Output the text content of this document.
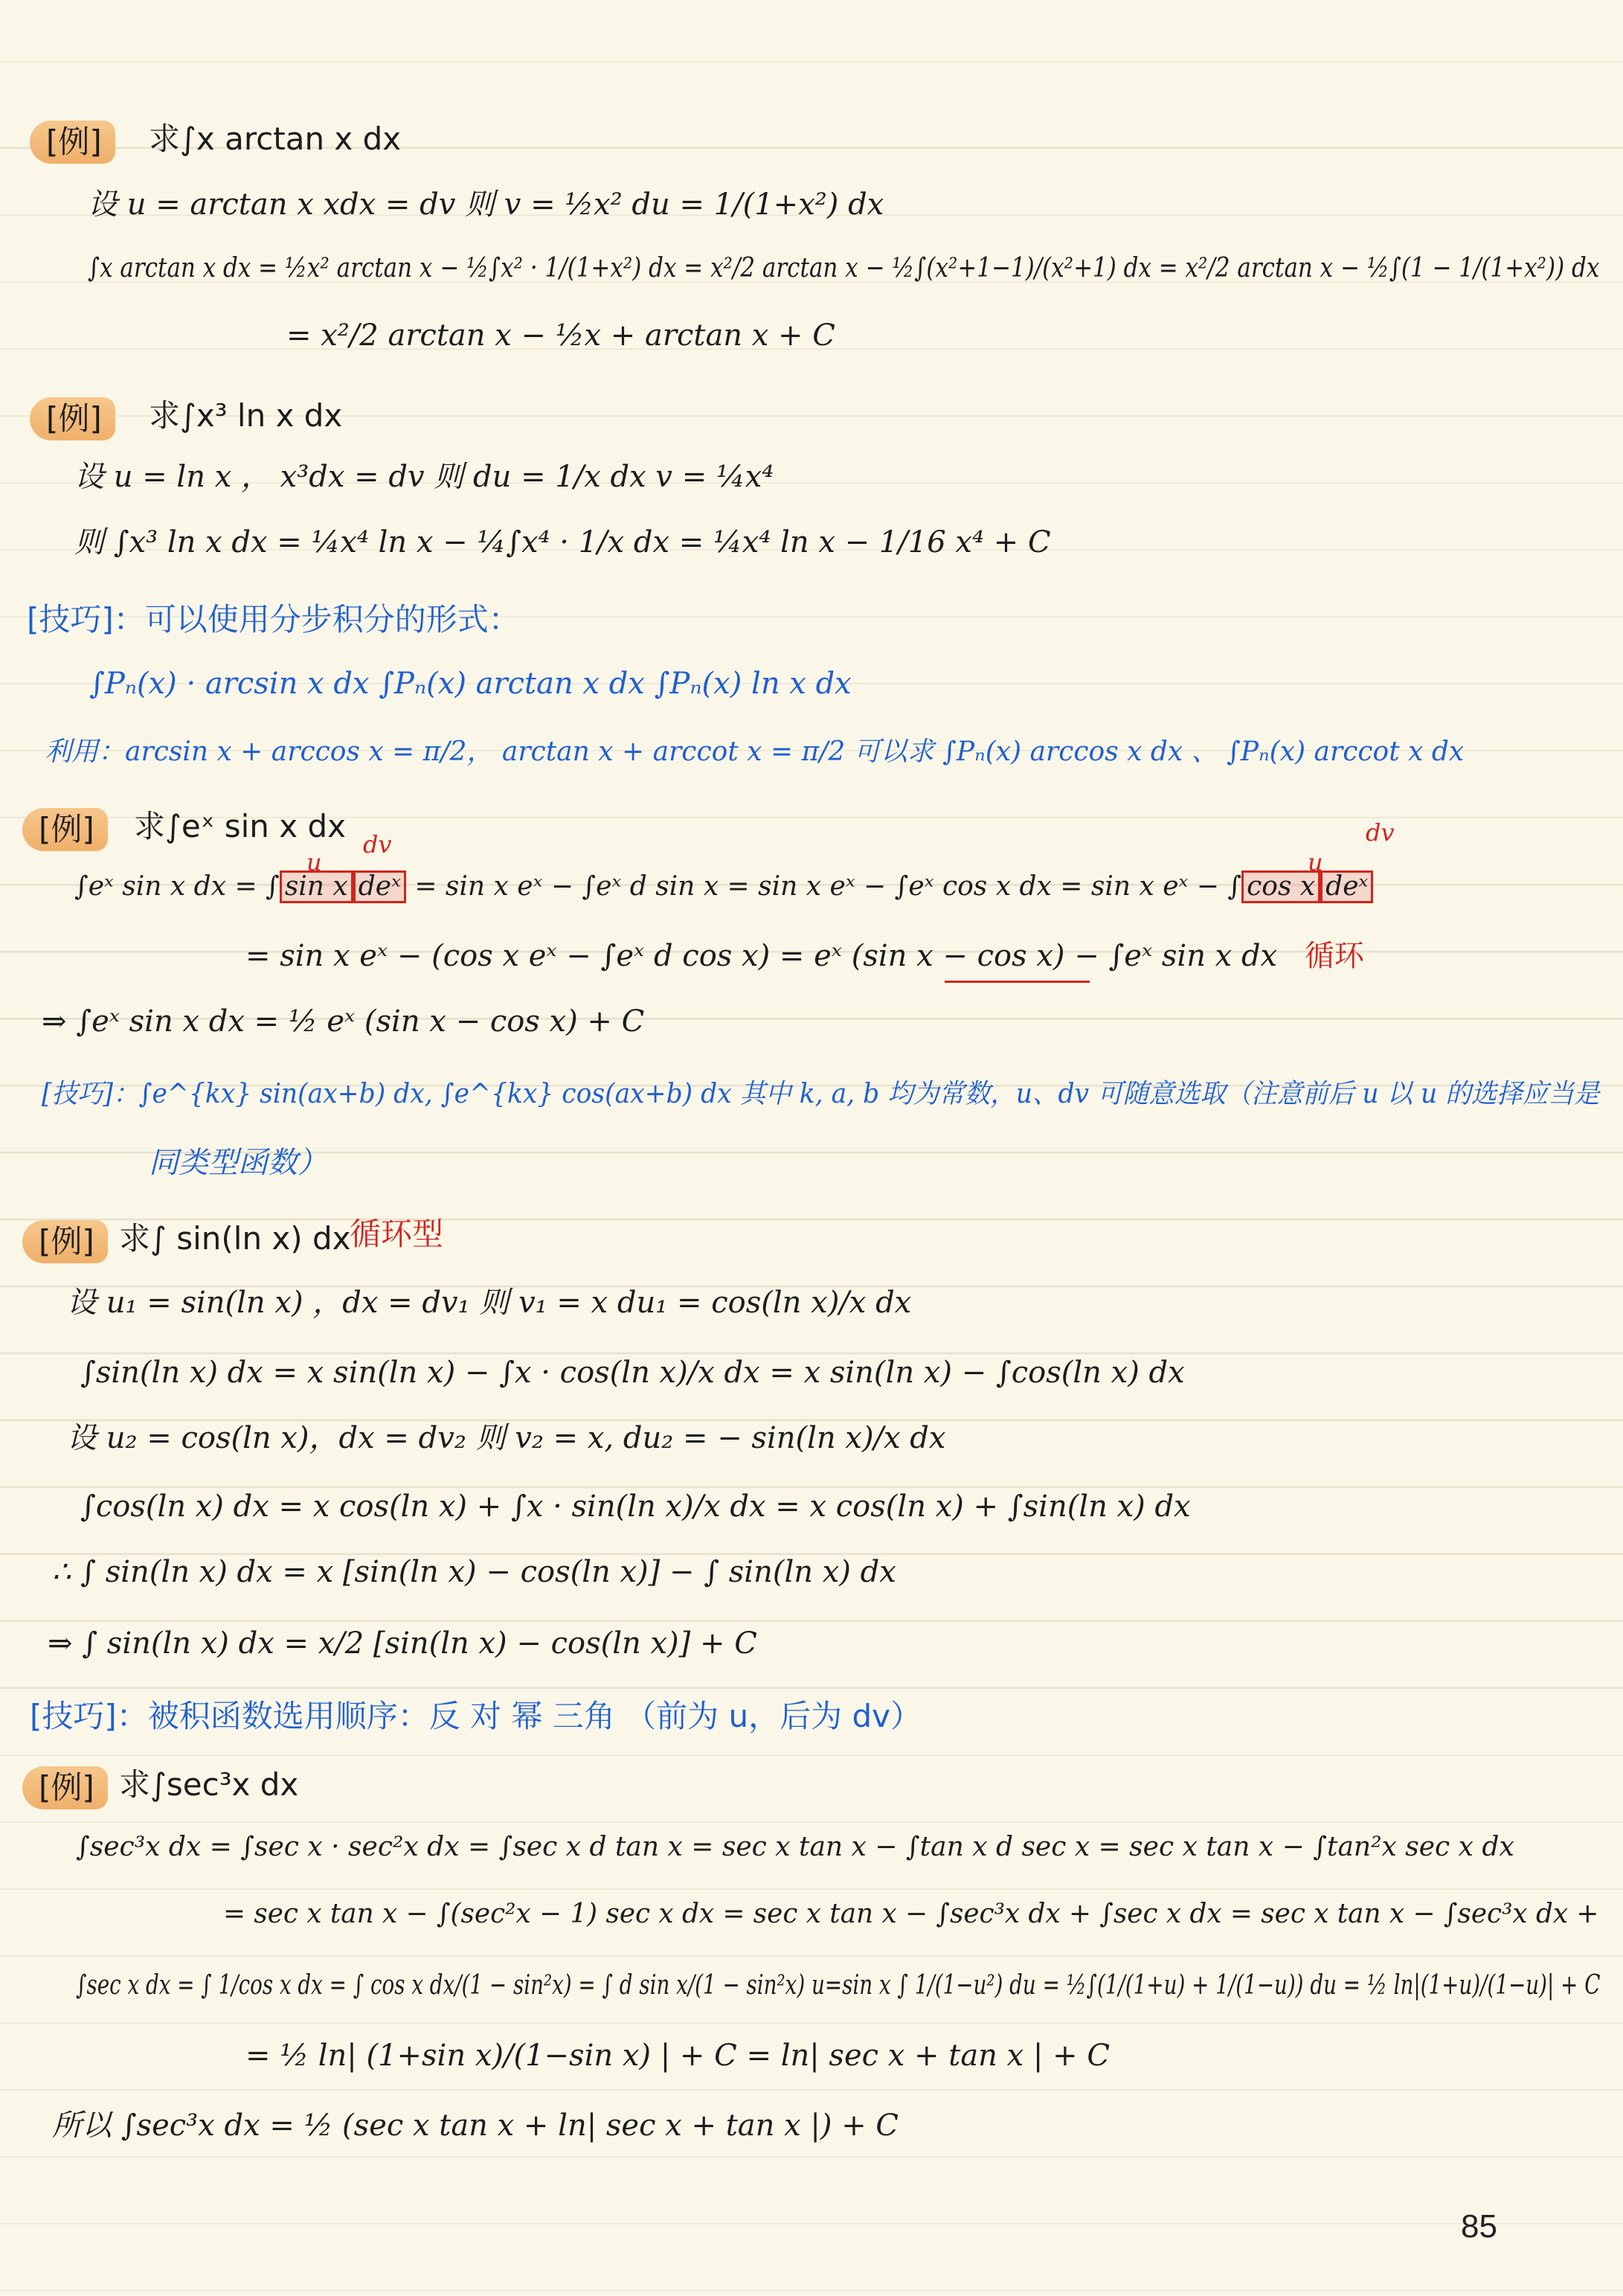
[例]	求∫x arctan x dx
设 u = arctan x xdx = dv 则 v = ½x² du = 1/(1+x²) dx
∫x arctan x dx = ½x² arctan x − ½∫x² · 1/(1+x²) dx = x²/2 arctan x − ½∫(x²+1−1)/(x²+1) dx = x²/2 arctan x − ½∫(1 − 1/(1+x²)) dx
= x²/2 arctan x − ½x + arctan x + C
[例]	求∫x³ ln x dx
设 u = ln x ， x³dx = dv 则 du = 1/x dx v = ¼x⁴
则 ∫x³ ln x dx = ¼x⁴ ln x − ¼∫x⁴ · 1/x dx = ¼x⁴ ln x − 1/16 x⁴ + C
[技巧]：可以使用分步积分的形式：
∫Pₙ(x) · arcsin x dx ∫Pₙ(x) arctan x dx ∫Pₙ(x) ln x dx
利用：arcsin x + arccos x = π/2， arctan x + arccot x = π/2 可以求 ∫Pₙ(x) arccos x dx 、 ∫Pₙ(x) arccot x dx
[例]	求∫eˣ sin x dx
u
dv
u
dv
∫eˣ sin x dx = ∫ sin x deˣ = sin x eˣ − ∫eˣ d sin x = sin x eˣ − ∫eˣ cos x dx = sin x eˣ − ∫ cos x deˣ
= sin x eˣ − (cos x eˣ − ∫eˣ d cos x) = eˣ (sin x − cos x) − ∫eˣ sin x dx 循环
⇒ ∫eˣ sin x dx = ½ eˣ (sin x − cos x) + C
[技巧]：∫e^{kx} sin(ax+b) dx, ∫e^{kx} cos(ax+b) dx 其中 k, a, b 均为常数，u、dv 可随意选取（注意前后 u 以 u 的选择应当是
同类型函数）
[例] 求∫ sin(ln x) dx
循环型
设 u₁ = sin(ln x) ，dx = dv₁ 则 v₁ = x du₁ = cos(ln x)/x dx
∫sin(ln x) dx = x sin(ln x) − ∫x · cos(ln x)/x dx = x sin(ln x) − ∫cos(ln x) dx
设 u₂ = cos(ln x)，dx = dv₂ 则 v₂ = x, du₂ = − sin(ln x)/x dx
∫cos(ln x) dx = x cos(ln x) + ∫x · sin(ln x)/x dx = x cos(ln x) + ∫sin(ln x) dx
∴ ∫ sin(ln x) dx = x [sin(ln x) − cos(ln x)] − ∫ sin(ln x) dx
⇒ ∫ sin(ln x) dx = x/2 [sin(ln x) − cos(ln x)] + C
[技巧]：被积函数选用顺序：反 对 幂 三角 （前为 u，后为 dv）
[例] 求∫sec³x dx
∫sec³x dx = ∫sec x · sec²x dx = ∫sec x d tan x = sec x tan x − ∫tan x d sec x = sec x tan x − ∫tan²x sec x dx
= sec x tan x − ∫(sec²x − 1) sec x dx = sec x tan x − ∫sec³x dx + ∫sec x dx = sec x tan x − ∫sec³x dx +
∫sec x dx = ∫ 1/cos x dx = ∫ cos x dx/(1 − sin²x) = ∫ d sin x/(1 − sin²x) u=sin x ∫ 1/(1−u²) du = ½∫(1/(1+u) + 1/(1−u)) du = ½ ln|(1+u)/(1−u)| + C
= ½ ln| (1+sin x)/(1−sin x) | + C = ln| sec x + tan x | + C
所以 ∫sec³x dx = ½ (sec x tan x + ln| sec x + tan x |) + C
85
